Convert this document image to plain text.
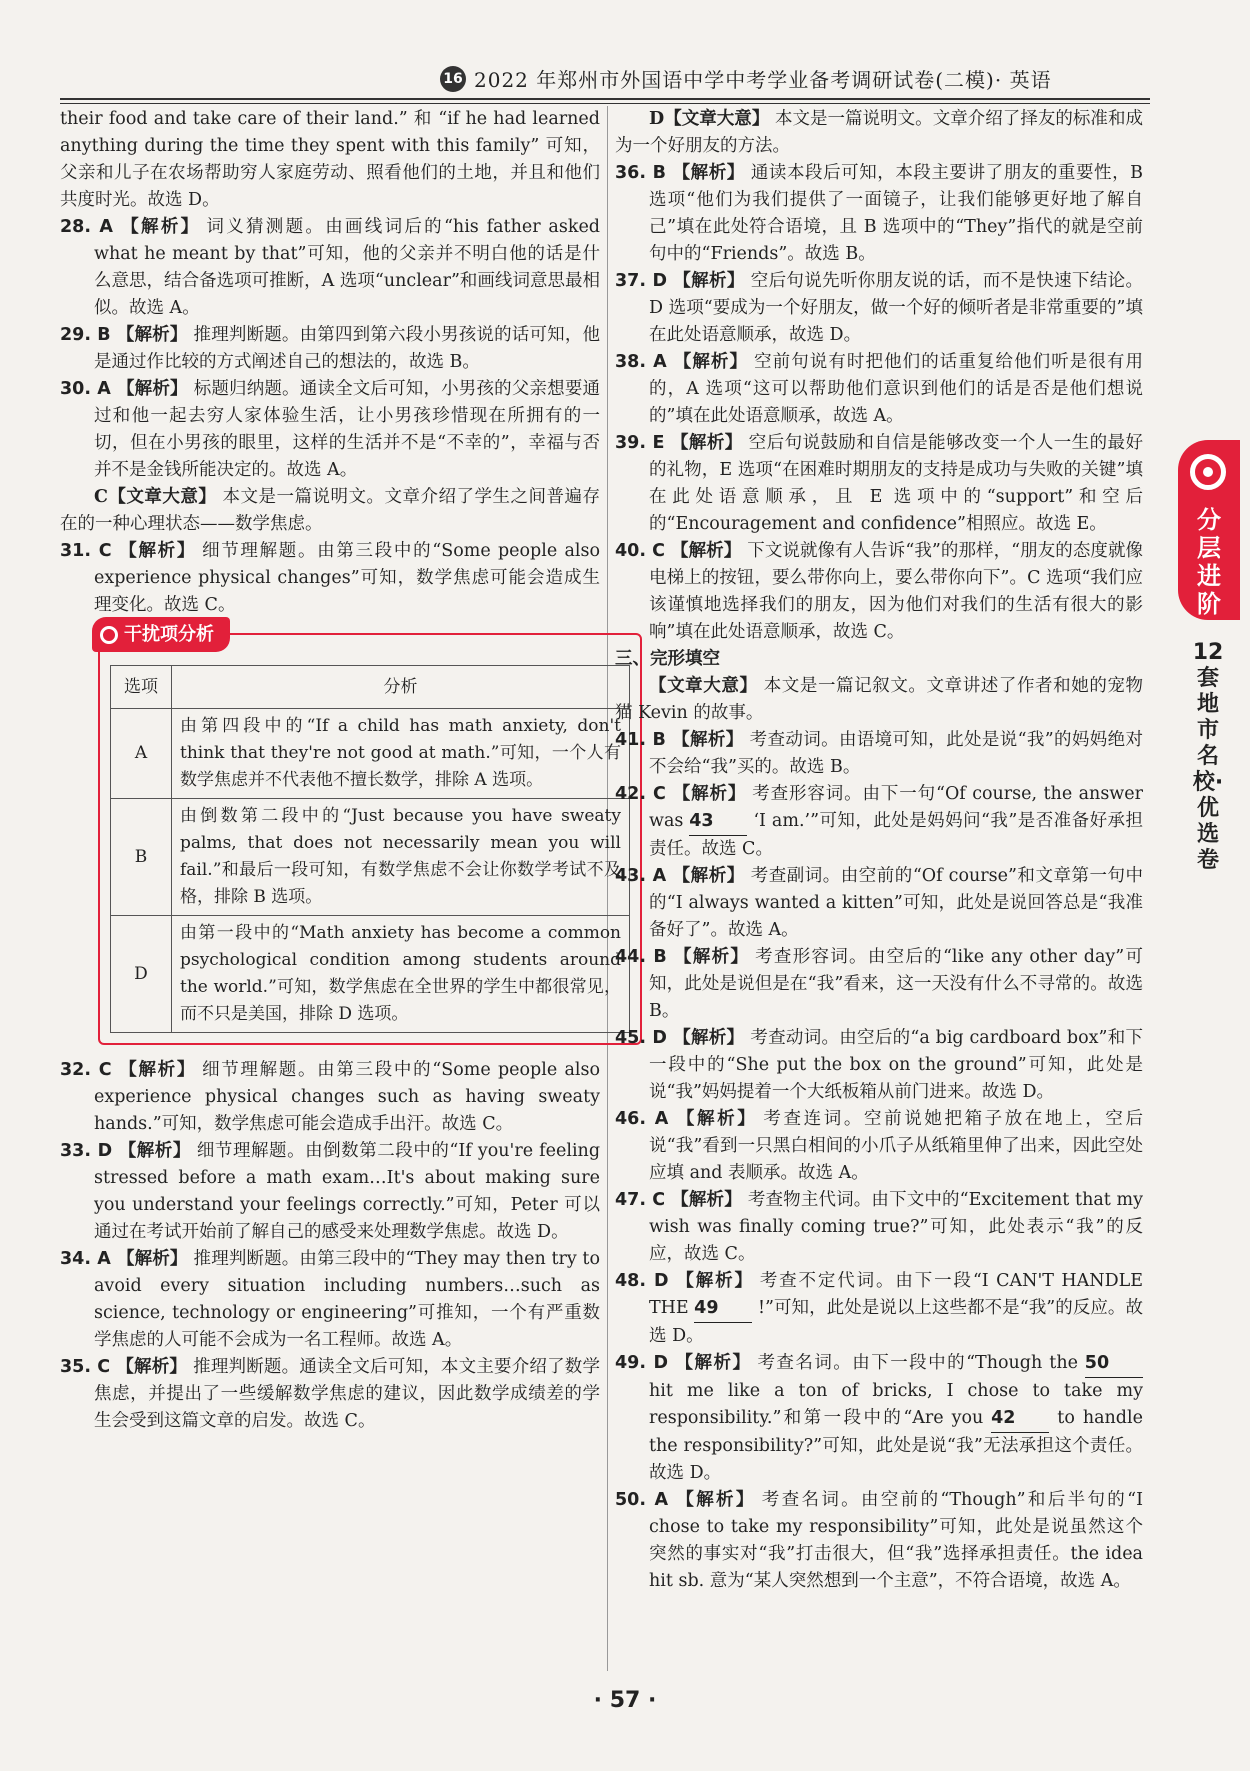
16 2022 年郑州市外国语中学中考学业备考调研试卷(二模)· 英语

their food and take care of their land.” 和 “if he had learned anything during the time they spent with this family” 可知，父亲和儿子在农场帮助穷人家庭劳动、照看他们的土地，并且和他们共度时光。故选 D。

28. A 【解析】 词义猜测题。由画线词后的“his father asked what he meant by that”可知，他的父亲并不明白他的话是什么意思，结合备选项可推断，A 选项“unclear”和画线词意思最相似。故选 A。

29. B 【解析】 推理判断题。由第四到第六段小男孩说的话可知，他是通过作比较的方式阐述自己的想法的，故选 B。

30. A 【解析】 标题归纳题。通读全文后可知，小男孩的父亲想要通过和他一起去穷人家体验生活，让小男孩珍惜现在所拥有的一切，但在小男孩的眼里，这样的生活并不是“不幸的”，幸福与否并不是金钱所能决定的。故选 A。

C【文章大意】 本文是一篇说明文。文章介绍了学生之间普遍存在的一种心理状态——数学焦虑。

31. C 【解析】 细节理解题。由第三段中的“Some people also experience physical changes”可知，数学焦虑可能会造成生理变化。故选 C。

干扰项分析
选项	分析
A	由第四段中的“If a child has math anxiety, don't think that they're not good at math.”可知，一个人有数学焦虑并不代表他不擅长数学，排除 A 选项。
B	由倒数第二段中的“Just because you have sweaty palms, that does not necessarily mean you will fail.”和最后一段可知，有数学焦虑不会让你数学考试不及格，排除 B 选项。
D	由第一段中的“Math anxiety has become a common psychological condition among students around the world.”可知，数学焦虑在全世界的学生中都很常见，而不只是美国，排除 D 选项。

32. C 【解析】 细节理解题。由第三段中的“Some people also experience physical changes such as having sweaty hands.”可知，数学焦虑可能会造成手出汗。故选 C。

33. D 【解析】 细节理解题。由倒数第二段中的“If you're feeling stressed before a math exam…It's about making sure you understand your feelings correctly.”可知，Peter 可以通过在考试开始前了解自己的感受来处理数学焦虑。故选 D。

34. A 【解析】 推理判断题。由第三段中的“They may then try to avoid every situation including numbers…such as science, technology or engineering”可推知，一个有严重数学焦虑的人可能不会成为一名工程师。故选 A。

35. C 【解析】 推理判断题。通读全文后可知，本文主要介绍了数学焦虑，并提出了一些缓解数学焦虑的建议，因此数学成绩差的学生会受到这篇文章的启发。故选 C。

D【文章大意】 本文是一篇说明文。文章介绍了择友的标准和成为一个好朋友的方法。

36. B 【解析】 通读本段后可知，本段主要讲了朋友的重要性，B 选项“他们为我们提供了一面镜子，让我们能够更好地了解自己”填在此处符合语境，且 B 选项中的“They”指代的就是空前句中的“Friends”。故选 B。

37. D 【解析】 空后句说先听你朋友说的话，而不是快速下结论。D 选项“要成为一个好朋友，做一个好的倾听者是非常重要的”填在此处语意顺承，故选 D。

38. A 【解析】 空前句说有时把他们的话重复给他们听是很有用的，A 选项“这可以帮助他们意识到他们的话是否是他们想说的”填在此处语意顺承，故选 A。

39. E 【解析】 空后句说鼓励和自信是能够改变一个人一生的最好的礼物，E 选项“在困难时期朋友的支持是成功与失败的关键”填在此处语意顺承，且 E 选项中的“support”和空后的“Encouragement and confidence”相照应。故选 E。

40. C 【解析】 下文说就像有人告诉“我”的那样，“朋友的态度就像电梯上的按钮，要么带你向上，要么带你向下”。C 选项“我们应该谨慎地选择我们的朋友，因为他们对我们的生活有很大的影响”填在此处语意顺承，故选 C。

三、完形填空

【文章大意】 本文是一篇记叙文。文章讲述了作者和她的宠物猫 Kevin 的故事。

41. B 【解析】 考查动词。由语境可知，此处是说“我”的妈妈绝对不会给“我”买的。故选 B。

42. C 【解析】 考查形容词。由下一句“Of course, the answer was 43 ‘I am.’”可知，此处是妈妈问“我”是否准备好承担责任。故选 C。

43. A 【解析】 考查副词。由空前的“Of course”和文章第一句中的“I always wanted a kitten”可知，此处是说回答总是“我准备好了”。故选 A。

44. B 【解析】 考查形容词。由空后的“like any other day”可知，此处是说但是在“我”看来，这一天没有什么不寻常的。故选 B。

45. D 【解析】 考查动词。由空后的“a big cardboard box”和下一段中的“She put the box on the ground”可知，此处是说“我”妈妈提着一个大纸板箱从前门进来。故选 D。

46. A 【解析】 考查连词。空前说她把箱子放在地上，空后说“我”看到一只黑白相间的小爪子从纸箱里伸了出来，因此空处应填 and 表顺承。故选 A。

47. C 【解析】 考查物主代词。由下文中的“Excitement that my wish was finally coming true?”可知，此处表示“我”的反应，故选 C。

48. D 【解析】 考查不定代词。由下一段“I CAN'T HANDLE THE 49 !”可知，此处是说以上这些都不是“我”的反应。故选 D。

49. D 【解析】 考查名词。由下一段中的“Though the 50 hit me like a ton of bricks, I chose to take my responsibility.”和第一段中的“Are you 42 to handle the responsibility?”可知，此处是说“我”无法承担这个责任。故选 D。

50. A 【解析】 考查名词。由空前的“Though”和后半句的“I chose to take my responsibility”可知，此处是说虽然这个突然的事实对“我”打击很大，但“我”选择承担责任。the idea hit sb. 意为“某人突然想到一个主意”，不符合语境，故选 A。

分层进阶
12套地市名校·优选卷
· 57 ·
